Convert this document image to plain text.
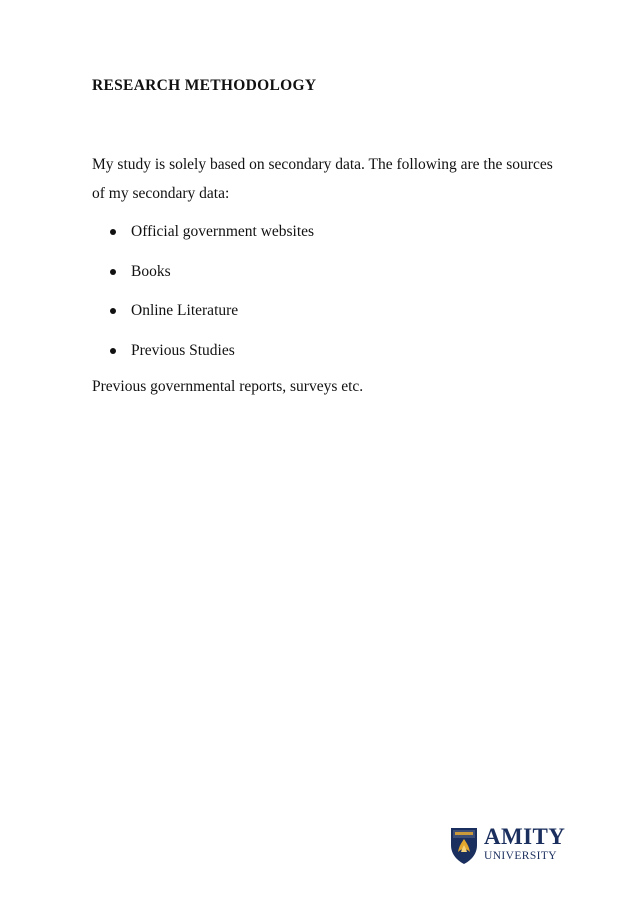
RESEARCH METHODOLOGY

My study is solely based on secondary data. The following are the sources of my secondary data:

Official government websites
Books
Online Literature
Previous Studies

Previous governmental reports, surveys etc.

AMITY
UNIVERSITY
